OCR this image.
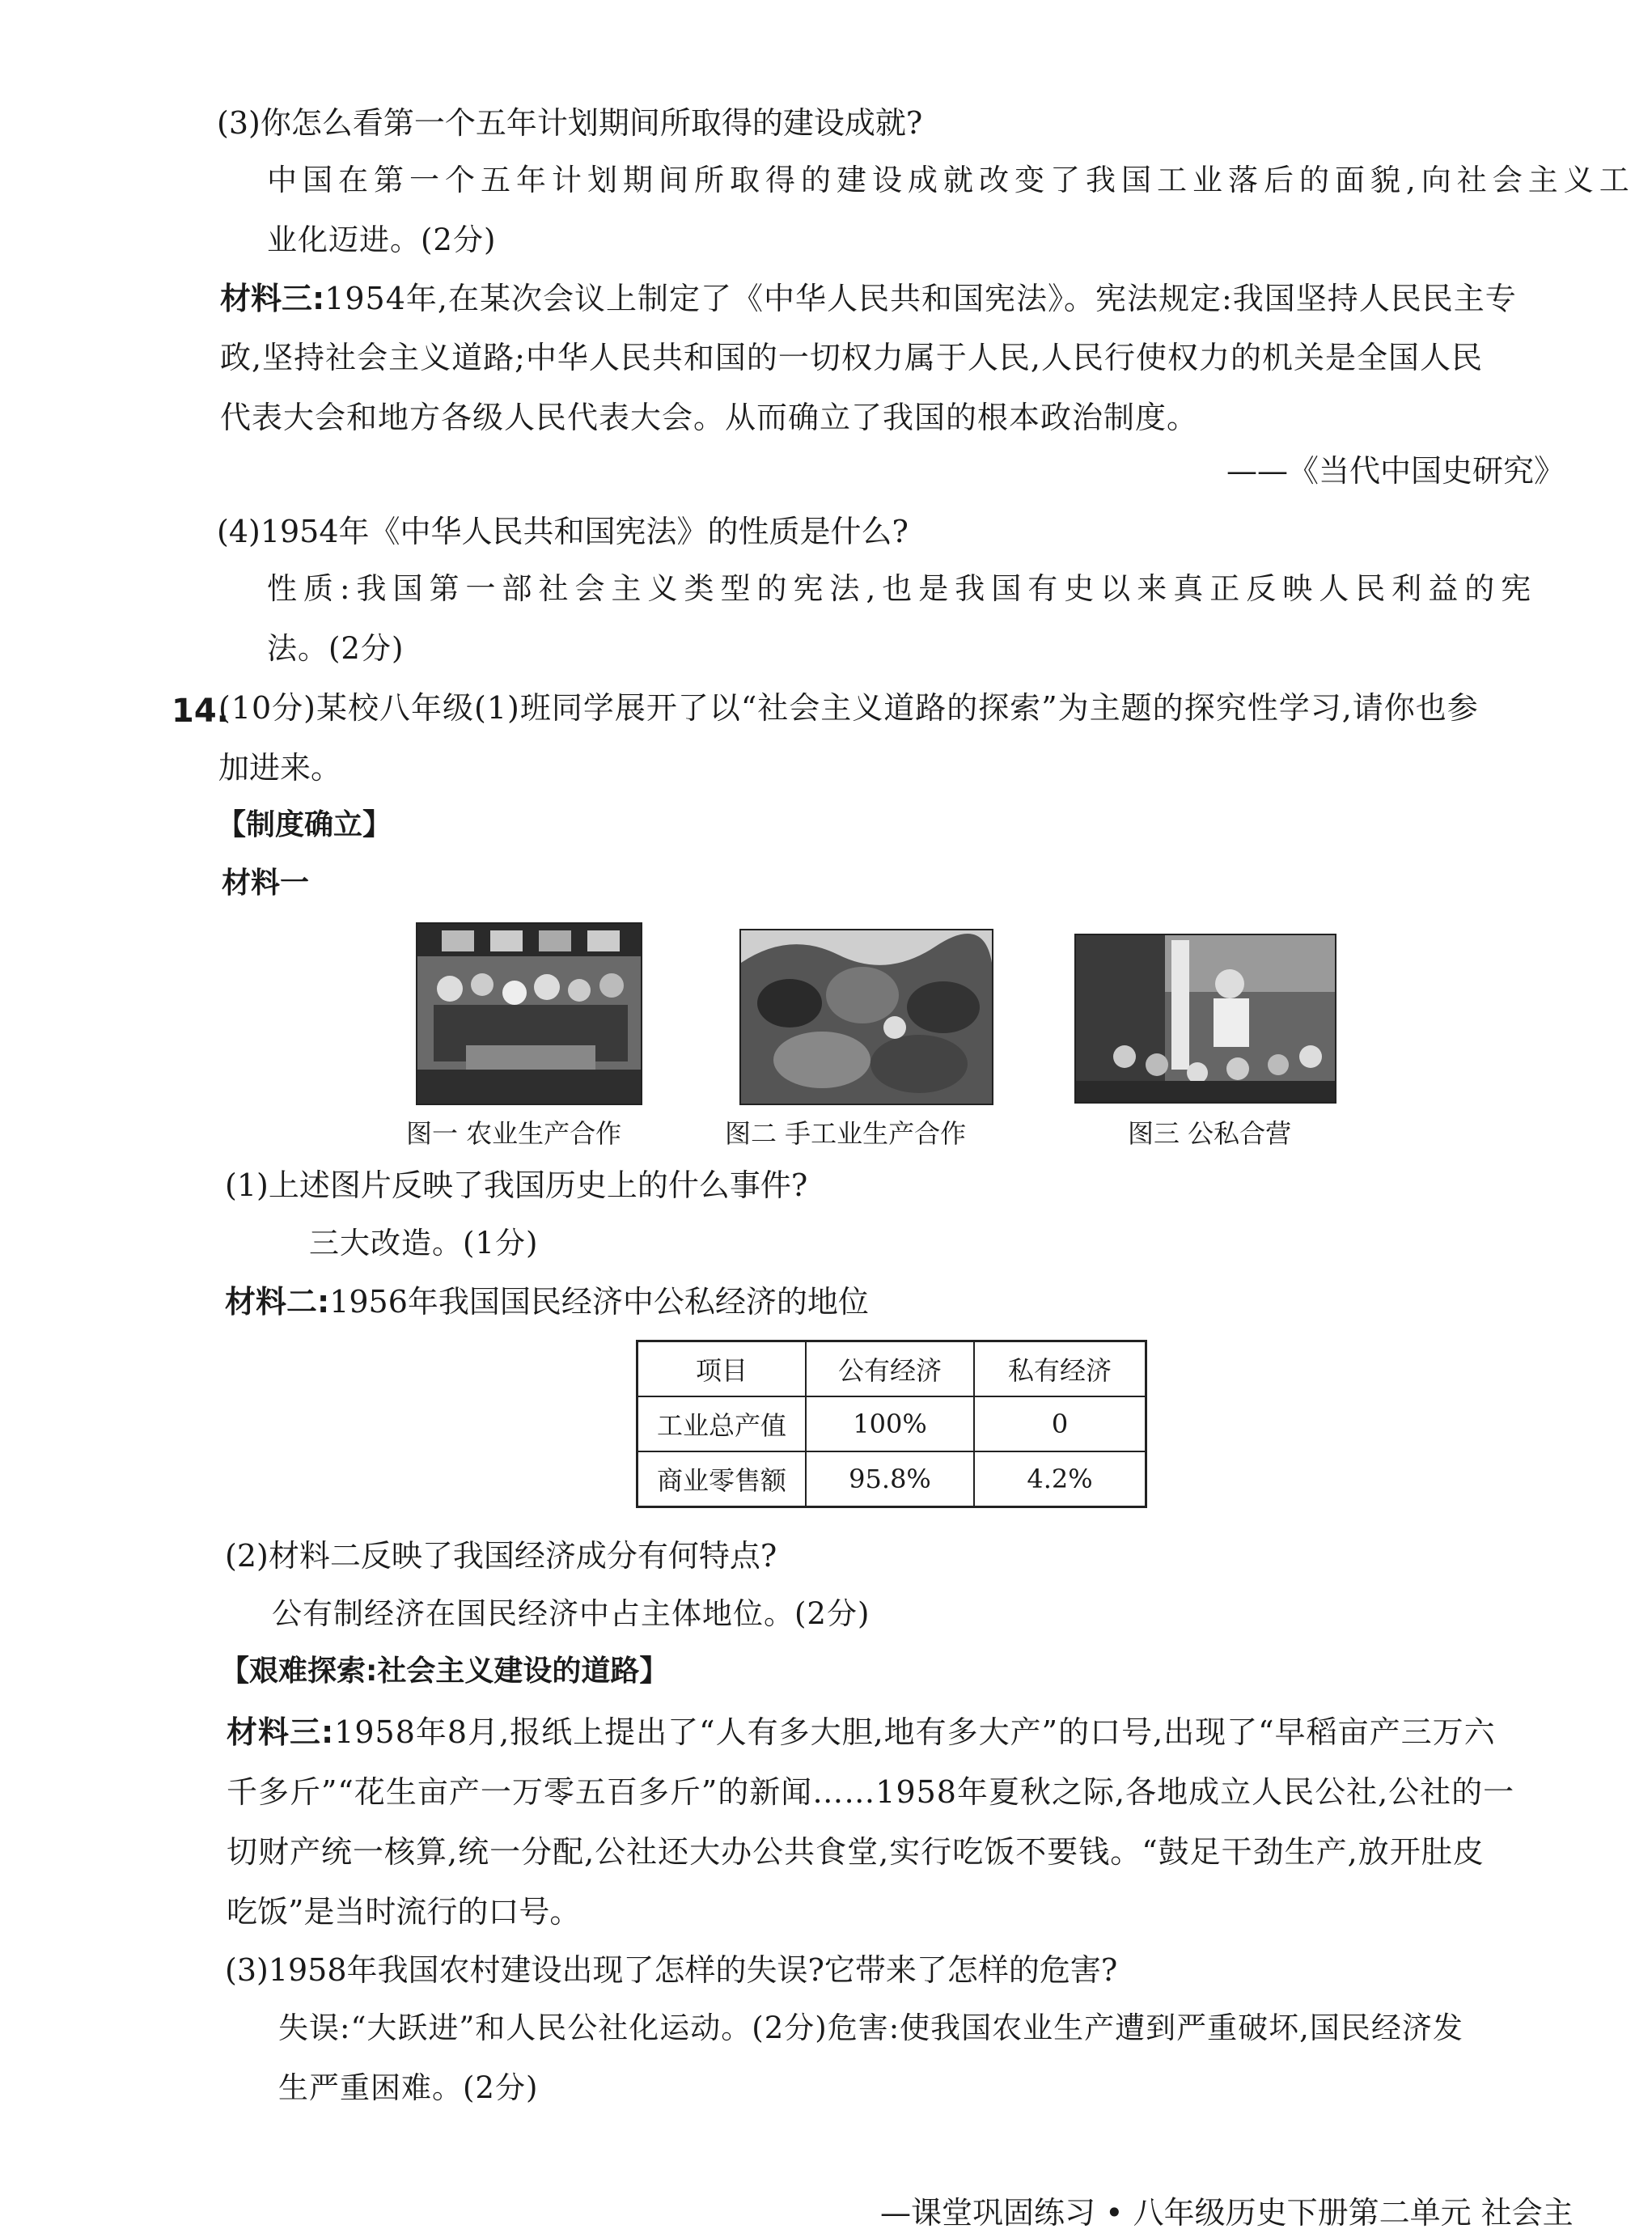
(3)你怎么看第一个五年计划期间所取得的建设成就?
中国在第一个五年计划期间所取得的建设成就改变了我国工业落后的面貌,向社会主义工
业化迈进。(2分)
材料三:1954年,在某次会议上制定了《中华人民共和国宪法》。宪法规定:我国坚持人民民主专
政,坚持社会主义道路;中华人民共和国的一切权力属于人民,人民行使权力的机关是全国人民
代表大会和地方各级人民代表大会。从而确立了我国的根本政治制度。
——《当代中国史研究》
(4)1954年《中华人民共和国宪法》的性质是什么?
性质:我国第一部社会主义类型的宪法,也是我国有史以来真正反映人民利益的宪
法。(2分)
14.
(10分)某校八年级(1)班同学展开了以“社会主义道路的探索”为主题的探究性学习,请你也参
加进来。
【制度确立】
材料一
图一 农业生产合作	图二 手工业生产合作	图三 公私合营
(1)上述图片反映了我国历史上的什么事件?
三大改造。(1分)
材料二:1956年我国国民经济中公私经济的地位
项目	公有经济	私有经济
工业总产值	100%	0
商业零售额	95.8%	4.2%
(2)材料二反映了我国经济成分有何特点?
公有制经济在国民经济中占主体地位。(2分)
【艰难探索:社会主义建设的道路】
材料三:1958年8月,报纸上提出了“人有多大胆,地有多大产”的口号,出现了“早稻亩产三万六
千多斤”“花生亩产一万零五百多斤”的新闻……1958年夏秋之际,各地成立人民公社,公社的一
切财产统一核算,统一分配,公社还大办公共食堂,实行吃饭不要钱。“鼓足干劲生产,放开肚皮
吃饭”是当时流行的口号。
(3)1958年我国农村建设出现了怎样的失误?它带来了怎样的危害?
失误:“大跃进”和人民公社化运动。(2分)危害:使我国农业生产遭到严重破坏,国民经济发
生严重困难。(2分)
—课堂巩固练习 • 八年级历史下册第二单元 社会主
